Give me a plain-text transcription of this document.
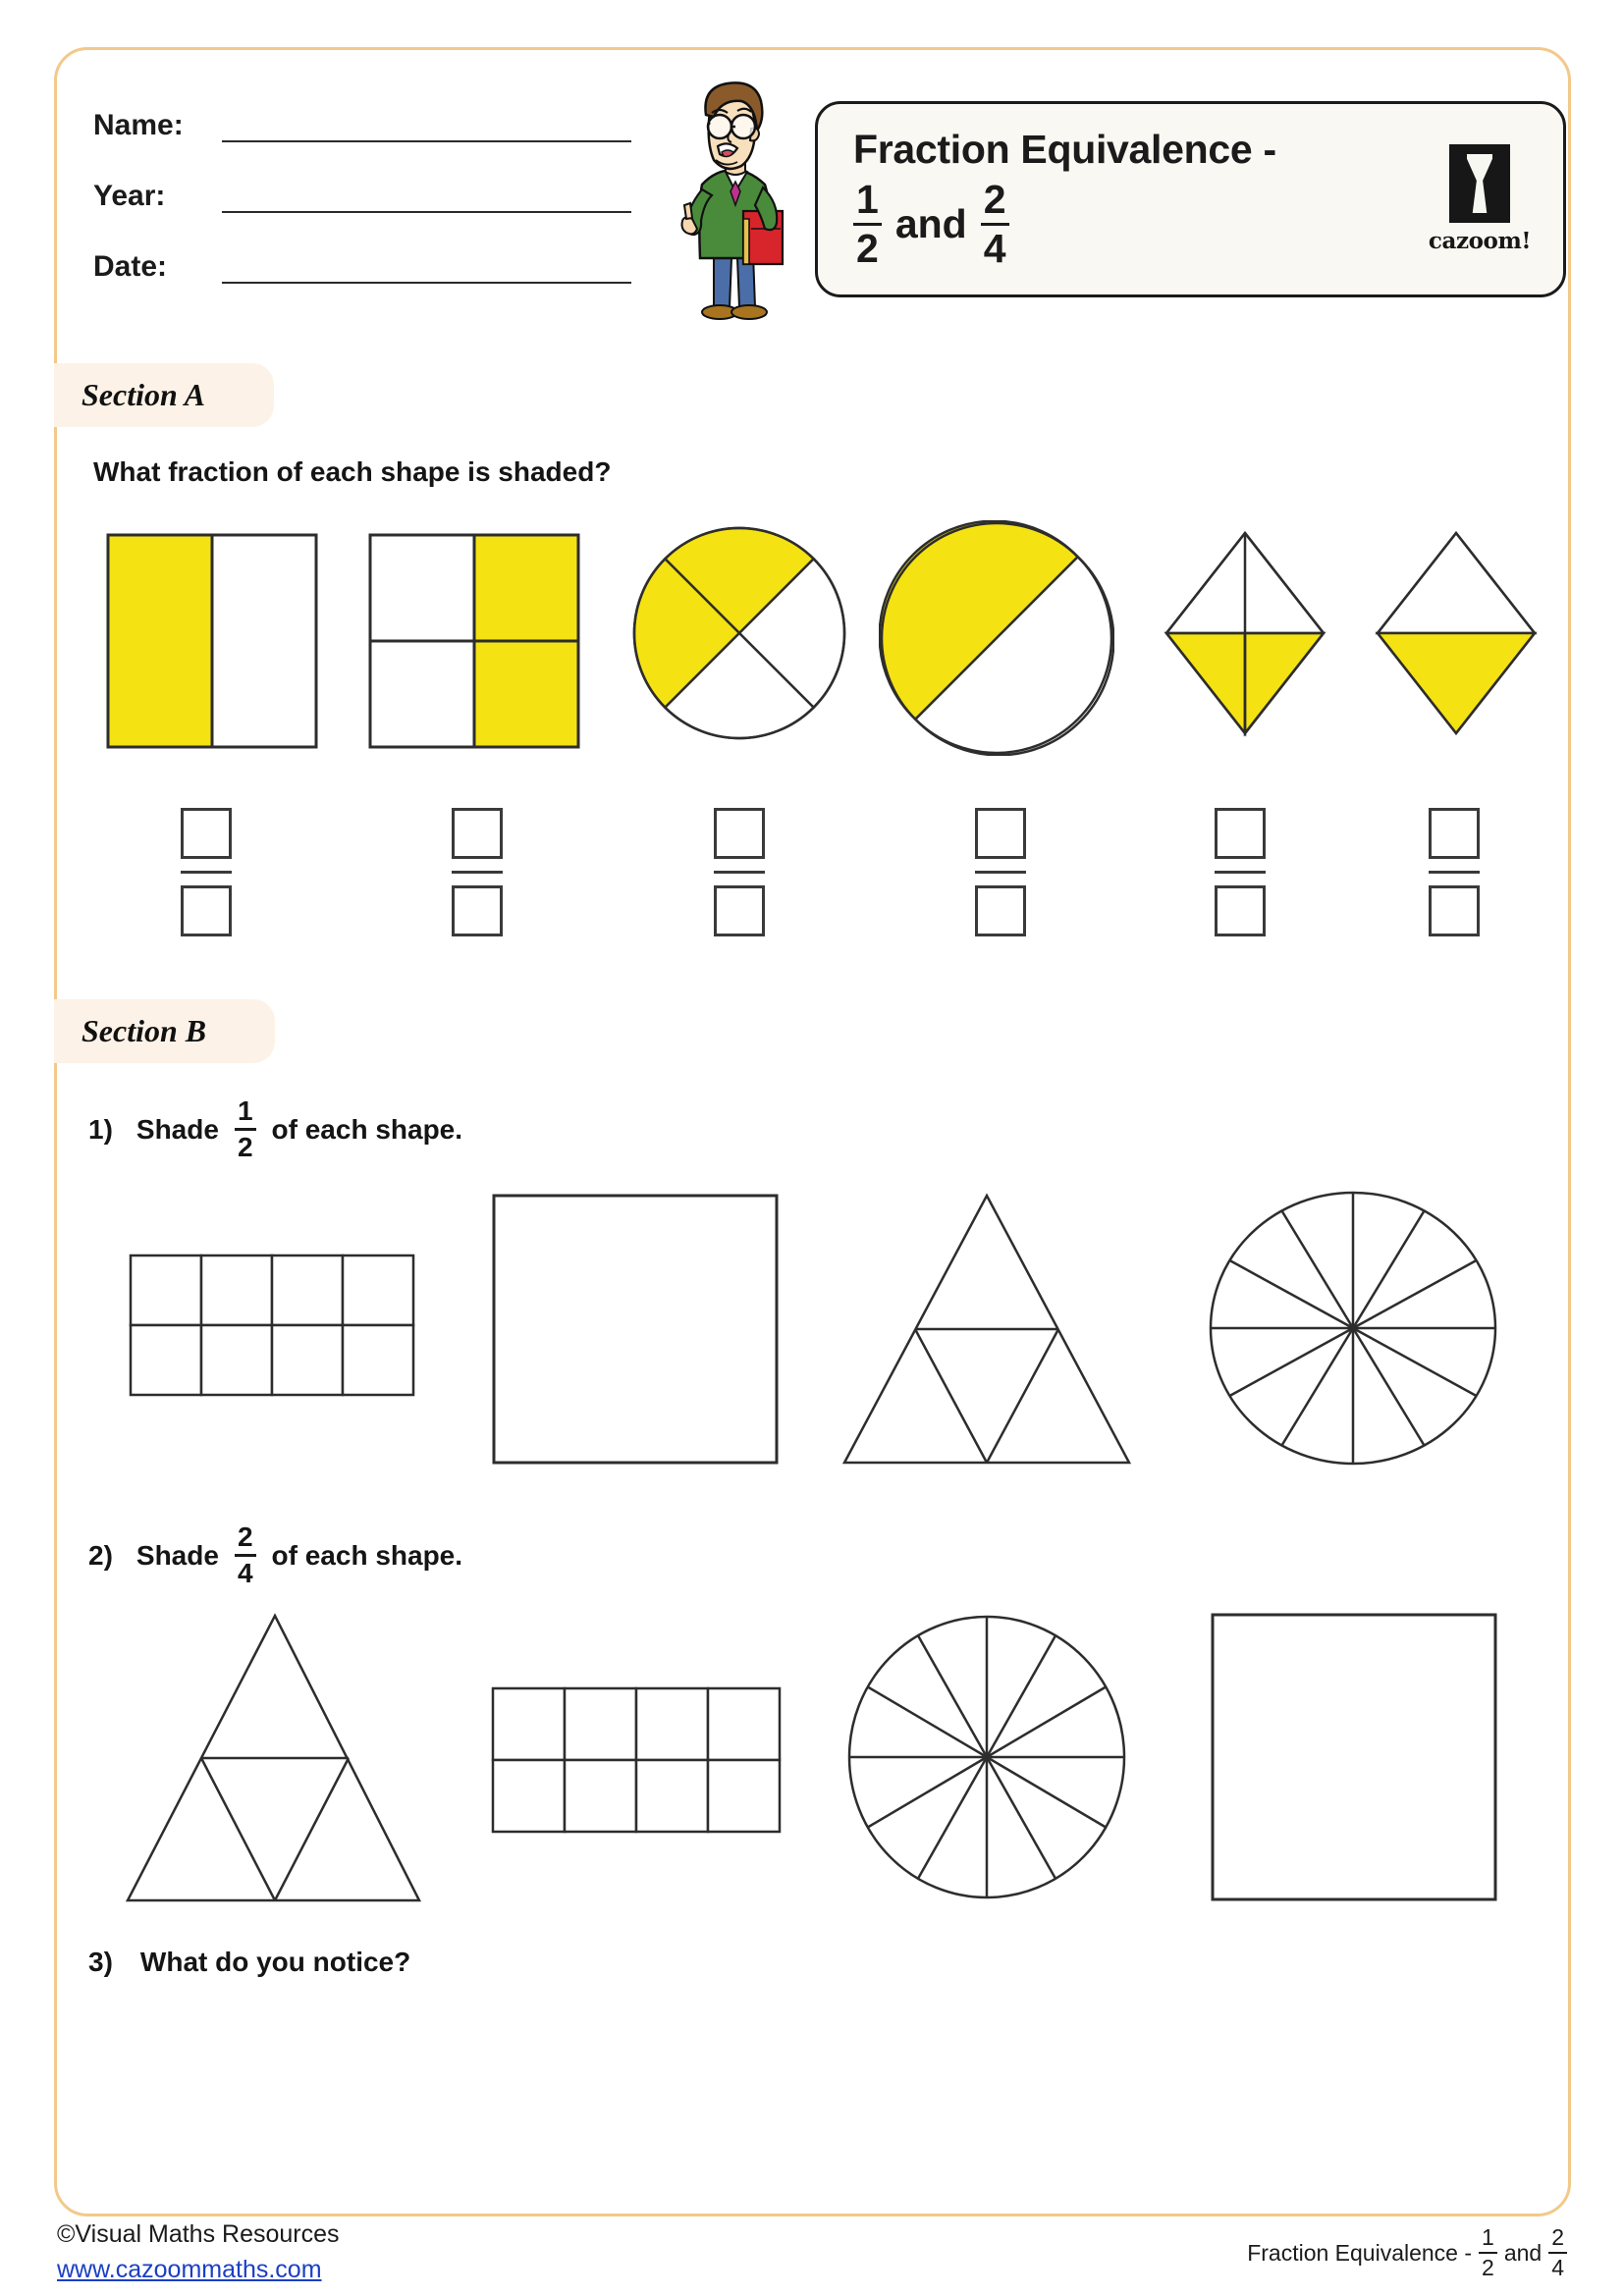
Name:
Year:
Date:
Fraction Equivalence -
$\frac{1}{2}$ and $\frac{2}{4}$	cazoom!
Section A
What fraction of each shape is shaded?
Section B
1) Shade $\frac{1}{2}$ of each shape.
2) Shade $\frac{2}{4}$ of each shape.
3) What do you notice?
©Visual Maths Resources
www.cazoommaths.com
Fraction Equivalence - $\frac{1}{2}$ and $\frac{2}{4}$
